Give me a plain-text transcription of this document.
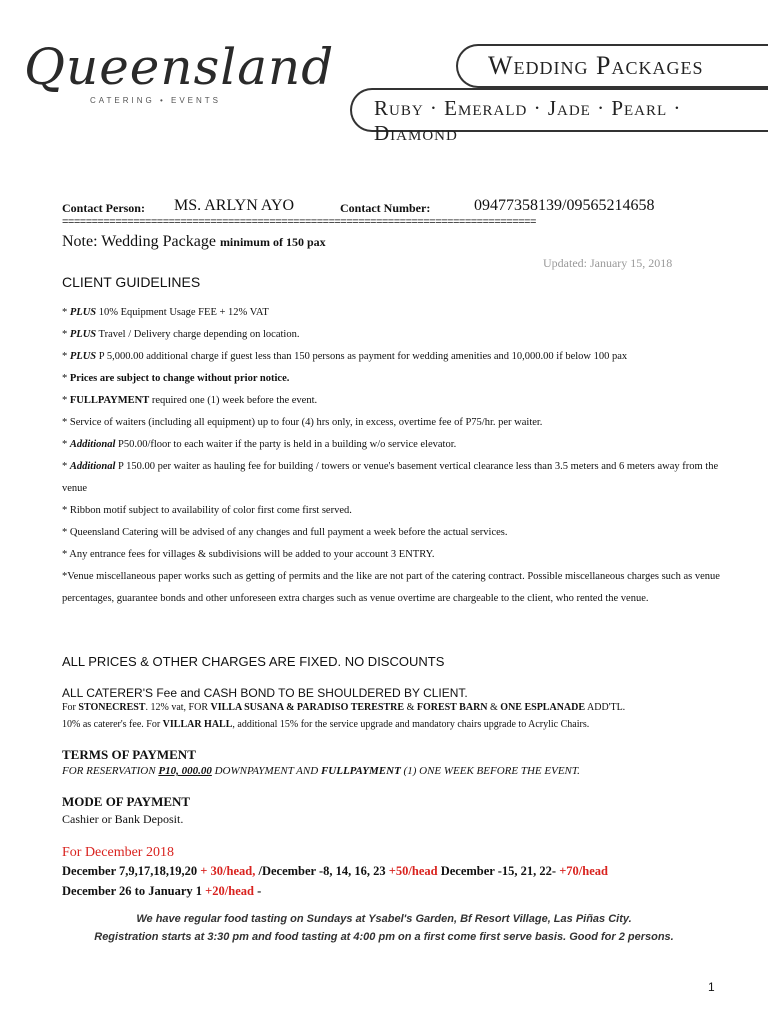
Queensland
CATERING • EVENTS
Wedding Packages
Ruby · Emerald · Jade · Pearl · Diamond
Contact Person: MS. ARLYN AYO	Contact Number:	09477358139/09565214658
================================================================================
Note: Wedding Package minimum of 150 pax
Updated: January 15, 2018
CLIENT GUIDELINES
* PLUS 10% Equipment Usage FEE + 12% VAT
* PLUS Travel / Delivery charge depending on location.
* PLUS P 5,000.00 additional charge if guest less than 150 persons as payment for wedding amenities and 10,000.00 if below 100 pax
* Prices are subject to change without prior notice.
* FULLPAYMENT required one (1) week before the event.
* Service of waiters (including all equipment) up to four (4) hrs only, in excess, overtime fee of P75/hr. per waiter.
* Additional P50.00/floor to each waiter if the party is held in a building w/o service elevator.
* Additional P 150.00 per waiter as hauling fee for building / towers or venue's basement vertical clearance less than 3.5 meters and 6 meters away from the venue
* Ribbon motif subject to availability of color first come first served.
* Queensland Catering will be advised of any changes and full payment a week before the actual services.
* Any entrance fees for villages & subdivisions will be added to your account 3 ENTRY.
*Venue miscellaneous paper works such as getting of permits and the like are not part of the catering contract. Possible miscellaneous charges such as venue percentages, guarantee bonds and other unforeseen extra charges such as venue overtime are chargeable to the client, who rented the venue.
ALL PRICES & OTHER CHARGES ARE FIXED. NO DISCOUNTS
ALL CATERER'S Fee and CASH BOND TO BE SHOULDERED BY CLIENT.
For STONECREST. 12% vat, FOR VILLA SUSANA & PARADISO TERESTRE & FOREST BARN & ONE ESPLANADE ADD'TL.
10% as caterer's fee. For VILLAR HALL, additional 15% for the service upgrade and mandatory chairs upgrade to Acrylic Chairs.
TERMS OF PAYMENT
FOR RESERVATION P10, 000.00 DOWNPAYMENT AND FULLPAYMENT (1) ONE WEEK BEFORE THE EVENT.
MODE OF PAYMENT
Cashier or Bank Deposit.
For December 2018
December 7,9,17,18,19,20 + 30/head, /December -8, 14, 16, 23 +50/head December -15, 21, 22- +70/head
December 26 to January 1 +20/head -
We have regular food tasting on Sundays at Ysabel's Garden, Bf Resort Village, Las Piñas City.
Registration starts at 3:30 pm and food tasting at 4:00 pm on a first come first serve basis. Good for 2 persons.
1
